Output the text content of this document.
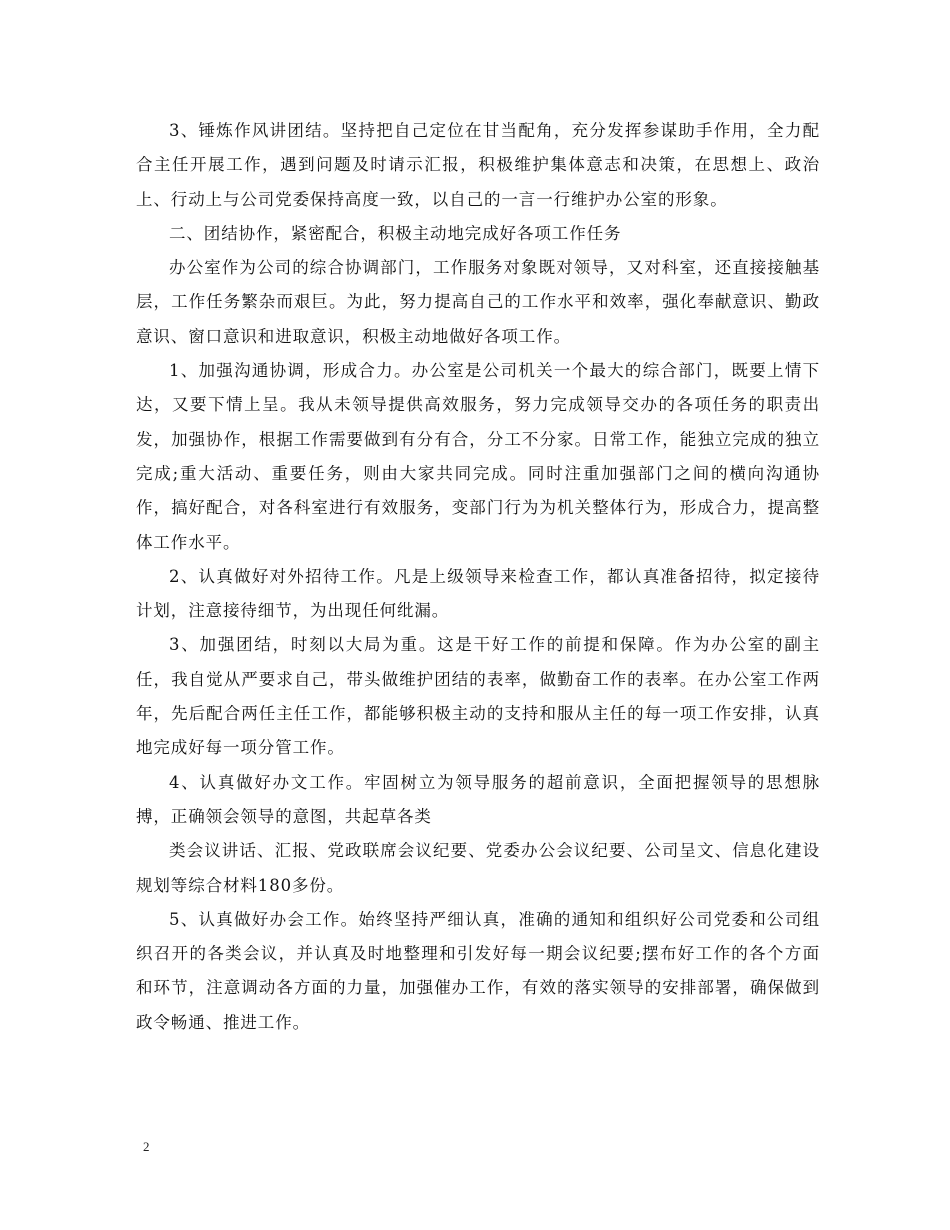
3、锤炼作风讲团结。坚持把自己定位在甘当配角，充分发挥参谋助手作用，全力配合主任开展工作，遇到问题及时请示汇报，积极维护集体意志和决策，在思想上、政治上、行动上与公司党委保持高度一致，以自己的一言一行维护办公室的形象。

二、团结协作，紧密配合，积极主动地完成好各项工作任务

办公室作为公司的综合协调部门，工作服务对象既对领导，又对科室，还直接接触基层，工作任务繁杂而艰巨。为此，努力提高自己的工作水平和效率，强化奉献意识、勤政意识、窗口意识和进取意识，积极主动地做好各项工作。

1、加强沟通协调，形成合力。办公室是公司机关一个最大的综合部门，既要上情下达，又要下情上呈。我从未领导提供高效服务，努力完成领导交办的各项任务的职责出发，加强协作，根据工作需要做到有分有合，分工不分家。日常工作，能独立完成的独立完成;重大活动、重要任务，则由大家共同完成。同时注重加强部门之间的横向沟通协作，搞好配合，对各科室进行有效服务，变部门行为为机关整体行为，形成合力，提高整体工作水平。

2、认真做好对外招待工作。凡是上级领导来检查工作，都认真准备招待，拟定接待计划，注意接待细节，为出现任何纰漏。

3、加强团结，时刻以大局为重。这是干好工作的前提和保障。作为办公室的副主任，我自觉从严要求自己，带头做维护团结的表率，做勤奋工作的表率。在办公室工作两年，先后配合两任主任工作，都能够积极主动的支持和服从主任的每一项工作安排，认真地完成好每一项分管工作。

4、认真做好办文工作。牢固树立为领导服务的超前意识，全面把握领导的思想脉搏，正确领会领导的意图，共起草各类

类会议讲话、汇报、党政联席会议纪要、党委办公会议纪要、公司呈文、信息化建设规划等综合材料180多份。

5、认真做好办会工作。始终坚持严细认真，准确的通知和组织好公司党委和公司组织召开的各类会议，并认真及时地整理和引发好每一期会议纪要;摆布好工作的各个方面和环节，注意调动各方面的力量，加强催办工作，有效的落实领导的安排部署，确保做到政令畅通、推进工作。

2
